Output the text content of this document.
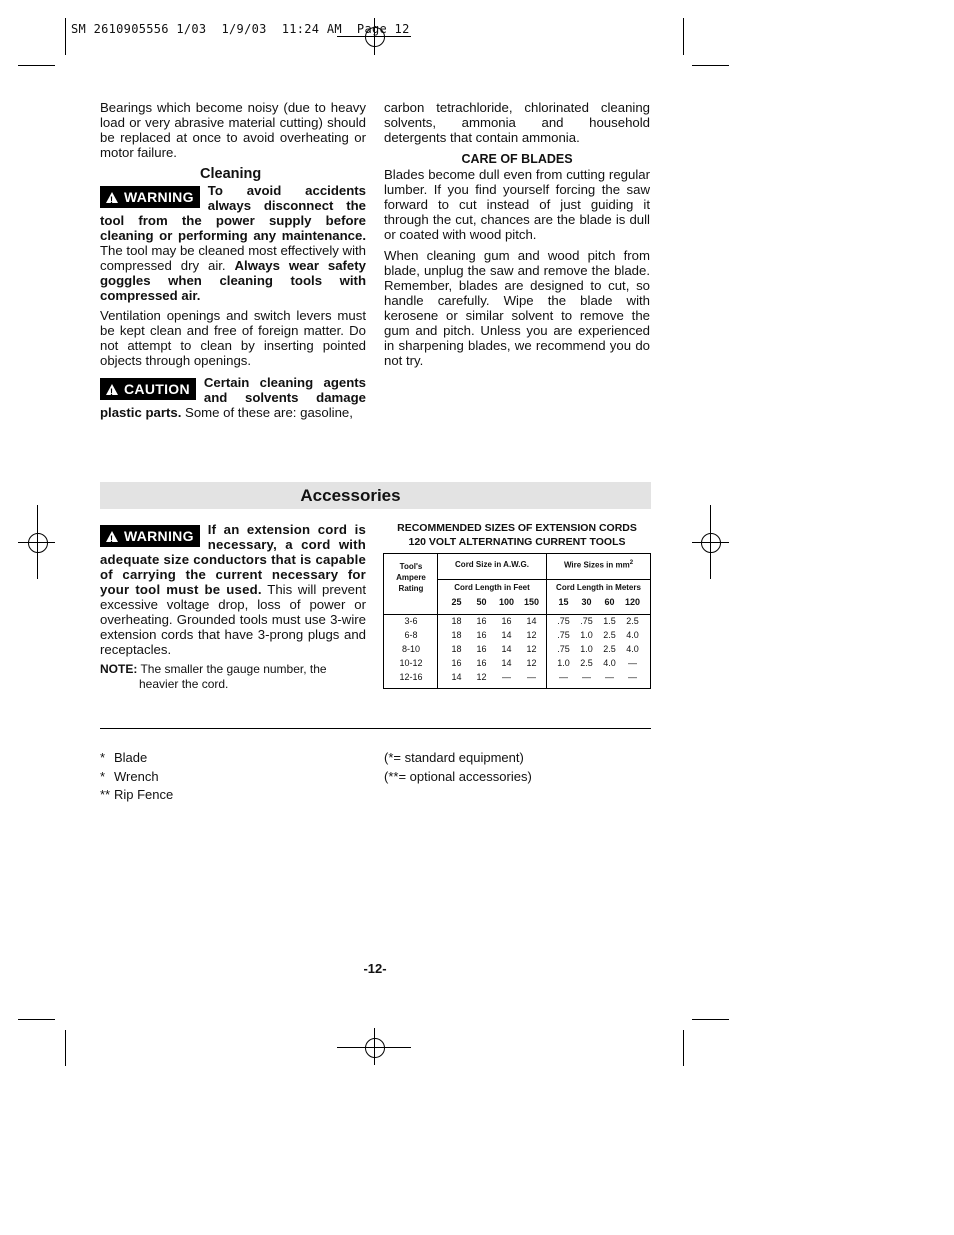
SM 2610905556 1/03  1/9/03  11:24 AM  Page 12

Bearings which become noisy (due to heavy load or very abrasive material cutting) should be replaced at once to avoid overheating or motor failure.

Cleaning
!
WARNING To avoid accidents always disconnect the tool from the power supply before cleaning or performing any maintenance. The tool may be cleaned most effectively with compressed dry air. Always wear safety goggles when cleaning tools with compressed air.

Ventilation openings and switch levers must be kept clean and free of foreign matter. Do not attempt to clean by inserting pointed objects through openings.

!
CAUTION Certain cleaning agents and solvents damage plastic parts. Some of these are: gasoline,

carbon tetrachloride, chlorinated cleaning solvents, ammonia and household detergents that contain ammonia.

CARE OF BLADES

Blades become dull even from cutting regular lumber. If you find yourself forcing the saw forward to cut instead of just guiding it through the cut, chances are the blade is dull or coated with wood pitch.

When cleaning gum and wood pitch from blade, unplug the saw and remove the blade. Remember, blades are designed to cut, so handle carefully. Wipe the blade with kerosene or similar solvent to remove the gum and pitch. Unless you are experienced in sharpening blades, we recommend you do not try.

Accessories
!
WARNING If an extension cord is necessary, a cord with adequate size conductors that is capable of carrying the current necessary for your tool must be used. This will prevent excessive voltage drop, loss of power or overheating. Grounded tools must use 3-wire extension cords that have 3-prong plugs and receptacles.
NOTE: The smaller the gauge number, the heavier the cord.
RECOMMENDED SIZES OF EXTENSION CORDS
120 VOLT ALTERNATING CURRENT TOOLS
Tool's Ampere Rating
Cord Size in A.W.G.	Wire Sizes in $mm^2$
Cord Length in Feet	Cord Length in Meters
25	50	100	150	15	30	60	120
3-6	18	16	16	14	.75	.75	1.5	2.5
6-8	18	16	14	12	.75	1.0	2.5	4.0
8-10	18	16	14	12	.75	1.0	2.5	4.0
10-12	16	16	14	12	1.0	2.5	4.0	—
12-16	14	12	—	—	—	—	—	—
* Blade
* Wrench
** Rip Fence
(*= standard equipment)
(**= optional accessories)
-12-
